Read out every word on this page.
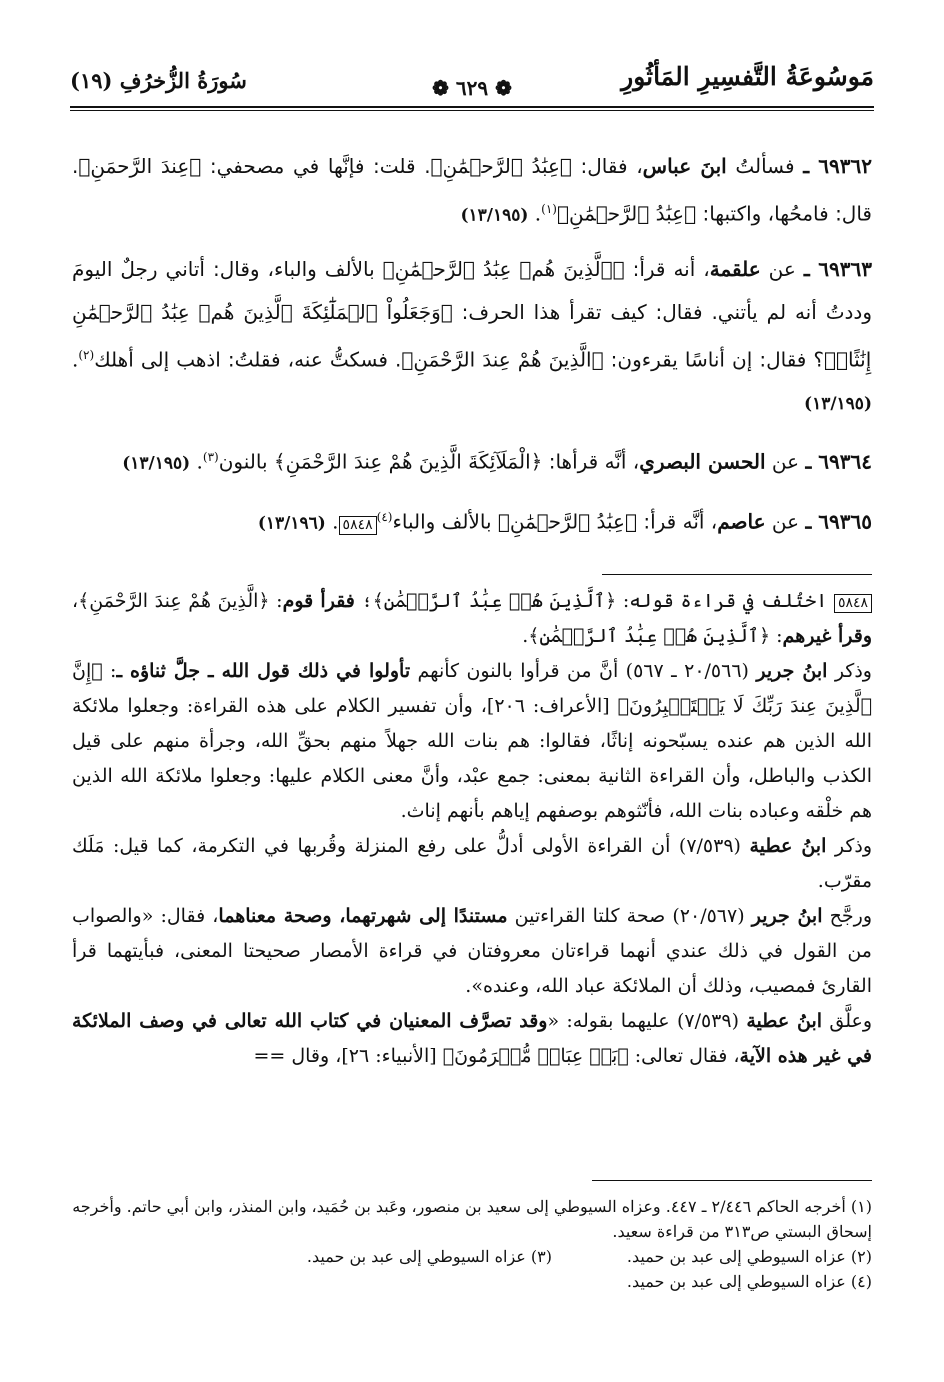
مَوسُوعَةُ التَّفسِيرِ المَأثُورِ
❁ ٦٢٩ ❁
سُورَةُ الزُّخرُفِ (١٩)

٦٩٣٦٢ ـ فسألتُ ابنَ عباس، فقال: ﴿عِبَٰدُ ٱلرَّحۡمَٰنِ﴾. قلت: فإنَّها في مصحفي: ﴿عِندَ الرَّحمَنِ﴾. قال: فامحُها، واكتبها: ﴿عِبَٰدُ ٱلرَّحۡمَٰنِ﴾$^{(١)}$. (١٣/١٩٥)

٦٩٣٦٣ ـ عن علقمة، أنه قرأ: ﴿ٱلَّذِينَ هُمۡ عِبَٰدُ ٱلرَّحۡمَٰنِ﴾ بالألف والباء، وقال: أتاني رجلٌ اليومَ وددتُ أنه لم يأتني. فقال: كيف تقرأ هذا الحرف: ﴿وَجَعَلُواْ ٱلۡمَلَٰٓئِكَةَ ٱلَّذِينَ هُمۡ عِبَٰدُ ٱلرَّحۡمَٰنِ إِنَٰثًاۚ﴾؟ فقال: إن أناسًا يقرءون: ﴿الَّذِينَ هُمْ عِندَ الرَّحْمَنِ﴾. فسكتُّ عنه، فقلتُ: اذهب إلى أهلك$^{(٢)}$. (١٣/١٩٥)

٦٩٣٦٤ ـ عن الحسن البصري، أنَّه قرأها: ﴿الْمَلَآئِكَةَ الَّذِينَ هُمْ عِندَ الرَّحْمَنِ﴾ بالنون$^{(٣)}$. (١٣/١٩٥)

٦٩٣٦٥ ـ عن عاصم، أنَّه قرأ: ﴿عِبَٰدُ ٱلرَّحۡمَٰنِ﴾ بالألف والباء$^{(٤)}$٥٨٤٨. (١٣/١٩٦)

٥٨٤٨ اختُلف في قراءة قوله: ﴿ٱلَّذِينَ هُمۡ عِبَٰدُ ٱلرَّحۡمَٰنِ﴾؛ فقرأ قوم: ﴿الَّذِينَ هُمْ عِندَ الرَّحْمَنِ﴾، وقرأ غيرهم: ﴿ٱلَّذِينَ هُمۡ عِبَٰدُ ٱلرَّحۡمَٰنِ﴾.

وذكر ابنُ جرير (٢٠/٥٦٦ ـ ٥٦٧) أنَّ من قرأوا بالنون كأنهم تأولوا في ذلك قول الله ـ جلَّ ثناؤه ـ: ﴿إِنَّ ٱلَّذِينَ عِندَ رَبِّكَ لَا يَسۡتَكۡبِرُونَ﴾ [الأعراف: ٢٠٦]، وأن تفسير الكلام على هذه القراءة: وجعلوا ملائكة الله الذين هم عنده يسبّحونه إناثًا، فقالوا: هم بنات الله جهلاً منهم بحقِّ الله، وجرأة منهم على قيل الكذب والباطل، وأن القراءة الثانية بمعنى: جمع عبْد، وأنَّ معنى الكلام عليها: وجعلوا ملائكة الله الذين هم خلْقه وعباده بنات الله، فأنّثوهم بوصفهم إياهم بأنهم إناث.

وذكر ابنُ عطية (٧/٥٣٩) أن القراءة الأولى أدلُّ على رفع المنزلة وقُربها في التكرمة، كما قيل: مَلَك مقرّب.

ورجَّح ابنُ جرير (٢٠/٥٦٧) صحة كلتا القراءتين مستندًا إلى شهرتهما، وصحة معناهما، فقال: «والصواب من القول في ذلك عندي أنهما قراءتان معروفتان في قراءة الأمصار صحيحتا المعنى، فبأيتهما قرأ القارئ فمصيب، وذلك أن الملائكة عباد الله، وعنده».

وعلَّق ابنُ عطية (٧/٥٣٩) عليهما بقوله: «وقد تصرَّف المعنيان في كتاب الله تعالى في وصف الملائكة في غير هذه الآية، فقال تعالى: ﴿بَلۡ عِبَادٞ مُّكۡرَمُونَ﴾ [الأنبياء: ٢٦]، وقال ==

(١) أخرجه الحاكم ٢/٤٤٦ ـ ٤٤٧. وعزاه السيوطي إلى سعيد بن منصور، وعَبد بن حُمَيد، وابن المنذر، وابن أبي حاتم. وأخرجه إسحاق البستي ص٣١٣ من قراءة سعيد.

(٢) عزاه السيوطي إلى عبد بن حميد.
(٣) عزاه السيوطي إلى عبد بن حميد.

(٤) عزاه السيوطي إلى عبد بن حميد.
